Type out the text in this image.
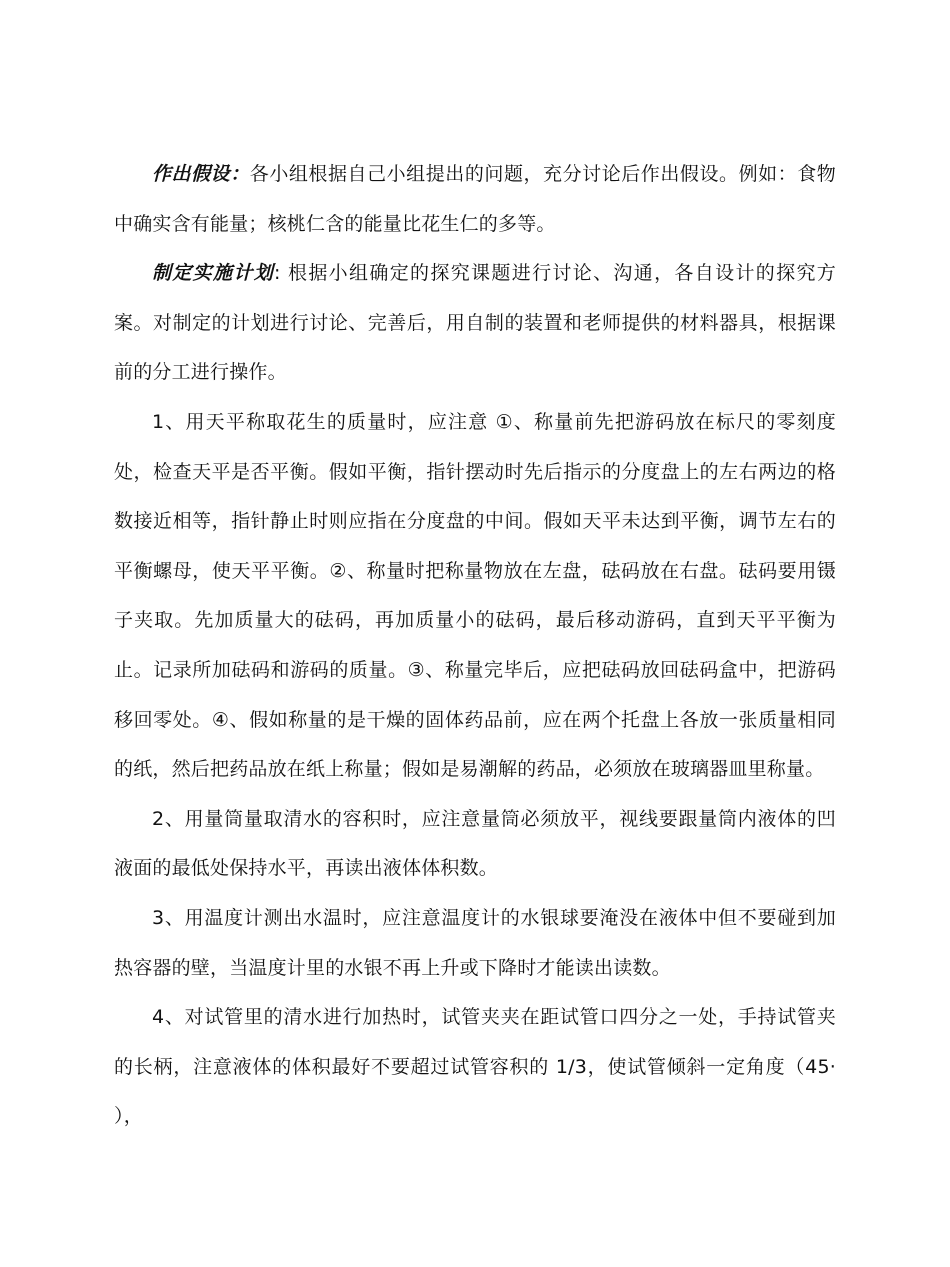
作出假设：各小组根据自己小组提出的问题，充分讨论后作出假设。例如：食物中确实含有能量；核桃仁含的能量比花生仁的多等。

制定实施计划: 根据小组确定的探究课题进行讨论、沟通，各自设计的探究方案。对制定的计划进行讨论、完善后，用自制的装置和老师提供的材料器具，根据课前的分工进行操作。

1、用天平称取花生的质量时，应注意 ①、称量前先把游码放在标尺的零刻度处，检查天平是否平衡。假如平衡，指针摆动时先后指示的分度盘上的左右两边的格数接近相等，指针静止时则应指在分度盘的中间。假如天平未达到平衡，调节左右的平衡螺母，使天平平衡。②、称量时把称量物放在左盘，砝码放在右盘。砝码要用镊子夹取。先加质量大的砝码，再加质量小的砝码，最后移动游码，直到天平平衡为止。记录所加砝码和游码的质量。③、称量完毕后，应把砝码放回砝码盒中，把游码移回零处。④、假如称量的是干燥的固体药品前，应在两个托盘上各放一张质量相同的纸，然后把药品放在纸上称量；假如是易潮解的药品，必须放在玻璃器皿里称量。

2、用量筒量取清水的容积时，应注意量筒必须放平，视线要跟量筒内液体的凹液面的最低处保持水平，再读出液体体积数。

3、用温度计测出水温时，应注意温度计的水银球要淹没在液体中但不要碰到加热容器的壁，当温度计里的水银不再上升或下降时才能读出读数。

4、对试管里的清水进行加热时，试管夹夹在距试管口四分之一处，手持试管夹的长柄，注意液体的体积最好不要超过试管容积的 1/3，使试管倾斜一定角度（45· ），
